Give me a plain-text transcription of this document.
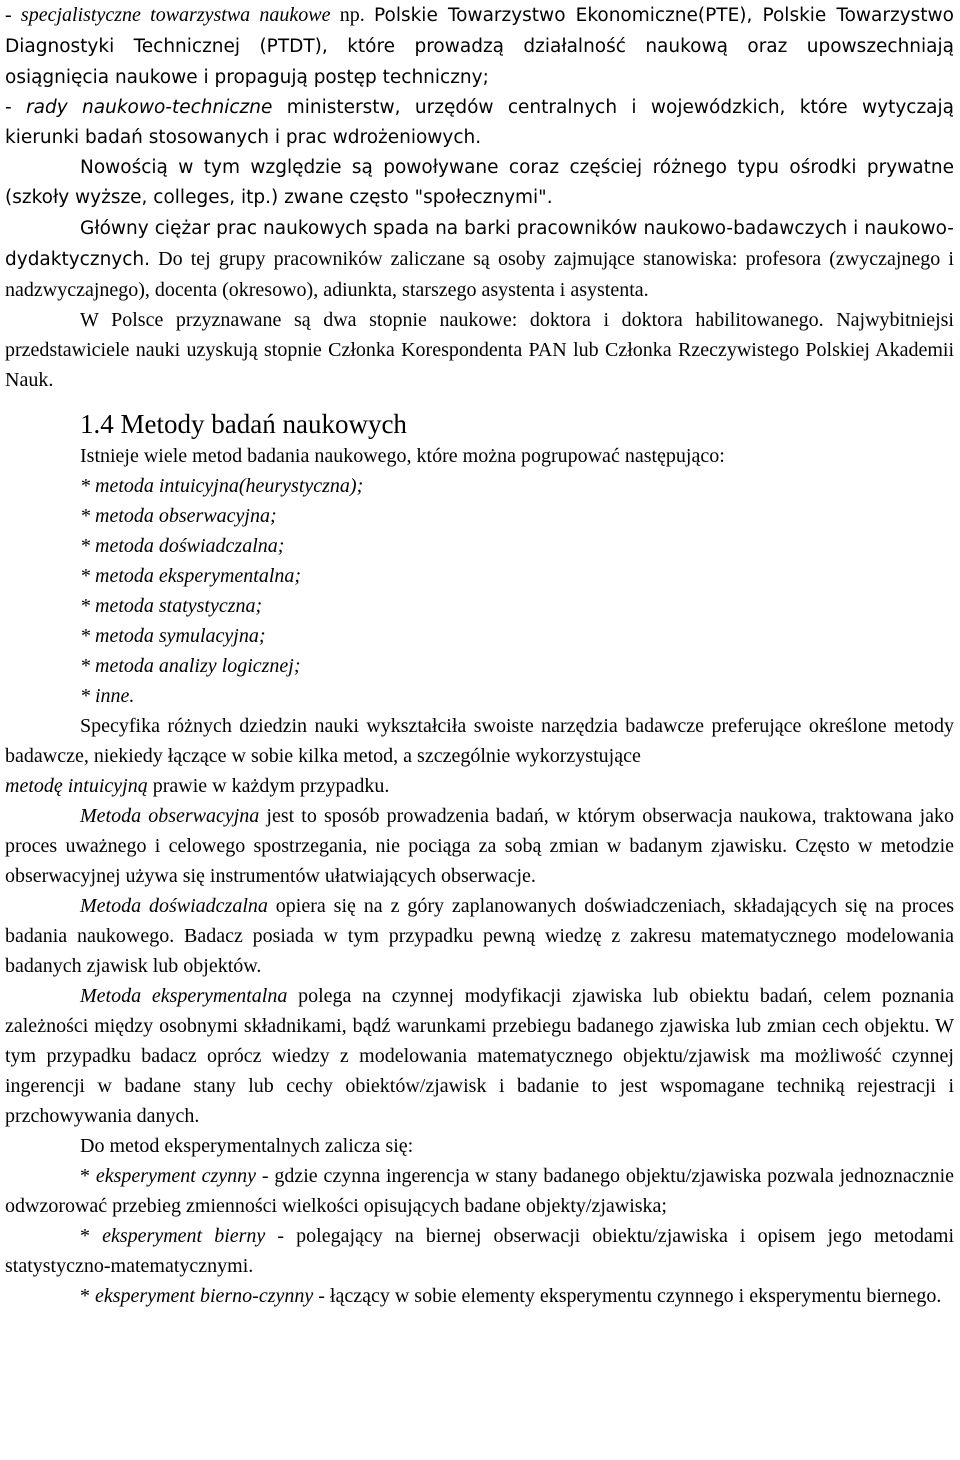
- specjalistyczne towarzystwa naukowe np. Polskie Towarzystwo Ekonomiczne(PTE), Polskie Towarzystwo Diagnostyki Technicznej (PTDT), które prowadzą działalność naukową oraz upowszechniają osiągnięcia naukowe i propagują postęp techniczny;

- rady naukowo-techniczne ministerstw, urzędów centralnych i wojewódzkich, które wytyczają kierunki badań stosowanych i prac wdrożeniowych.

Nowością w tym względzie są powoływane coraz częściej różnego typu ośrodki prywatne (szkoły wyższe, colleges, itp.) zwane często "społecznymi".

Główny ciężar prac naukowych spada na barki pracowników naukowo-badawczych i naukowo-dydaktycznych. Do tej grupy pracowników zaliczane są osoby zajmujące stanowiska: profesora (zwyczajnego i nadzwyczajnego), docenta (okresowo), adiunkta, starszego asystenta i asystenta.

W Polsce przyznawane są dwa stopnie naukowe: doktora i doktora habilitowanego. Najwybitniejsi przedstawiciele nauki uzyskują stopnie Członka Korespondenta PAN lub Członka Rzeczywistego Polskiej Akademii Nauk.

1.4 Metody badań naukowych

Istnieje wiele metod badania naukowego, które można pogrupować następująco:

* metoda intuicyjna(heurystyczna);
* metoda obserwacyjna;
* metoda doświadczalna;
* metoda eksperymentalna;
* metoda statystyczna;
* metoda symulacyjna;
* metoda analizy logicznej;
* inne.

Specyfika różnych dziedzin nauki wykształciła swoiste narzędzia badawcze preferujące określone metody badawcze, niekiedy łączące w sobie kilka metod, a szczególnie wykorzystujące

metodę intuicyjną prawie w każdym przypadku.

Metoda obserwacyjna jest to sposób prowadzenia badań, w którym obserwacja naukowa, traktowana jako proces uważnego i celowego spostrzegania, nie pociąga za sobą zmian w badanym zjawisku. Często w metodzie obserwacyjnej używa się instrumentów ułatwiających obserwacje.

Metoda doświadczalna opiera się na z góry zaplanowanych doświadczeniach, składających się na proces badania naukowego. Badacz posiada w tym przypadku pewną wiedzę z zakresu matematycznego modelowania badanych zjawisk lub objektów.

Metoda eksperymentalna polega na czynnej modyfikacji zjawiska lub obiektu badań, celem poznania zależności między osobnymi składnikami, bądź warunkami przebiegu badanego zjawiska lub zmian cech objektu. W tym przypadku badacz oprócz wiedzy z modelowania matematycznego objektu/zjawisk ma możliwość czynnej ingerencji w badane stany lub cechy obiektów/zjawisk i badanie to jest wspomagane techniką rejestracji i przchowywania danych.

Do metod eksperymentalnych zalicza się:

* eksperyment czynny - gdzie czynna ingerencja w stany badanego objektu/zjawiska pozwala jednoznacznie odwzorować przebieg zmienności wielkości opisujących badane objekty/zjawiska;

* eksperyment bierny - polegający na biernej obserwacji obiektu/zjawiska i opisem jego metodami statystyczno-matematycznymi.

* eksperyment bierno-czynny - łączący w sobie elementy eksperymentu czynnego i eksperymentu biernego.
